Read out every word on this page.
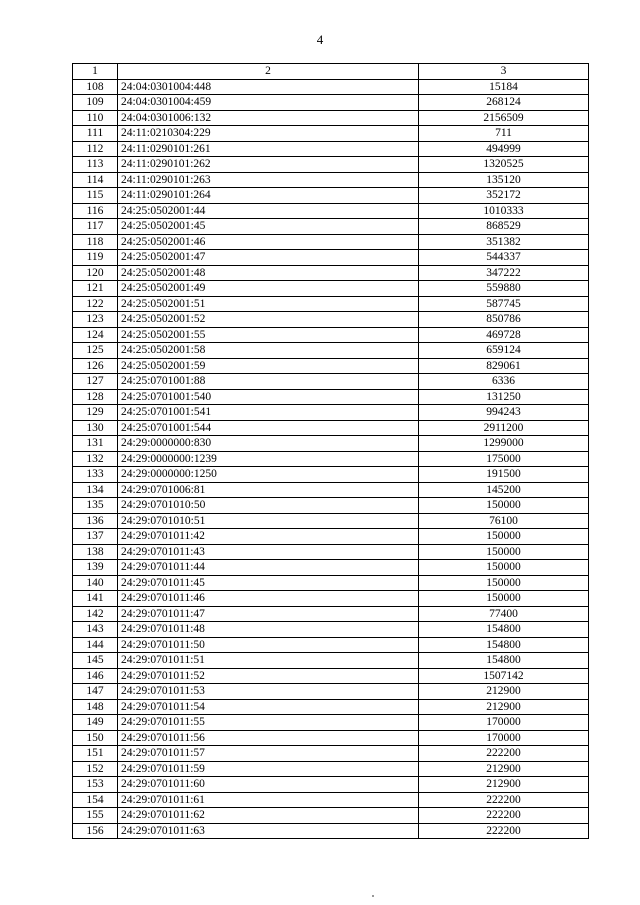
4
1	2	3
108	24:04:0301004:448	15184
109	24:04:0301004:459	268124
110	24:04:0301006:132	2156509
111	24:11:0210304:229	711
112	24:11:0290101:261	494999
113	24:11:0290101:262	1320525
114	24:11:0290101:263	135120
115	24:11:0290101:264	352172
116	24:25:0502001:44	1010333
117	24:25:0502001:45	868529
118	24:25:0502001:46	351382
119	24:25:0502001:47	544337
120	24:25:0502001:48	347222
121	24:25:0502001:49	559880
122	24:25:0502001:51	587745
123	24:25:0502001:52	850786
124	24:25:0502001:55	469728
125	24:25:0502001:58	659124
126	24:25:0502001:59	829061
127	24:25:0701001:88	6336
128	24:25:0701001:540	131250
129	24:25:0701001:541	994243
130	24:25:0701001:544	2911200
131	24:29:0000000:830	1299000
132	24:29:0000000:1239	175000
133	24:29:0000000:1250	191500
134	24:29:0701006:81	145200
135	24:29:0701010:50	150000
136	24:29:0701010:51	76100
137	24:29:0701011:42	150000
138	24:29:0701011:43	150000
139	24:29:0701011:44	150000
140	24:29:0701011:45	150000
141	24:29:0701011:46	150000
142	24:29:0701011:47	77400
143	24:29:0701011:48	154800
144	24:29:0701011:50	154800
145	24:29:0701011:51	154800
146	24:29:0701011:52	1507142
147	24:29:0701011:53	212900
148	24:29:0701011:54	212900
149	24:29:0701011:55	170000
150	24:29:0701011:56	170000
151	24:29:0701011:57	222200
152	24:29:0701011:59	212900
153	24:29:0701011:60	212900
154	24:29:0701011:61	222200
155	24:29:0701011:62	222200
156	24:29:0701011:63	222200
